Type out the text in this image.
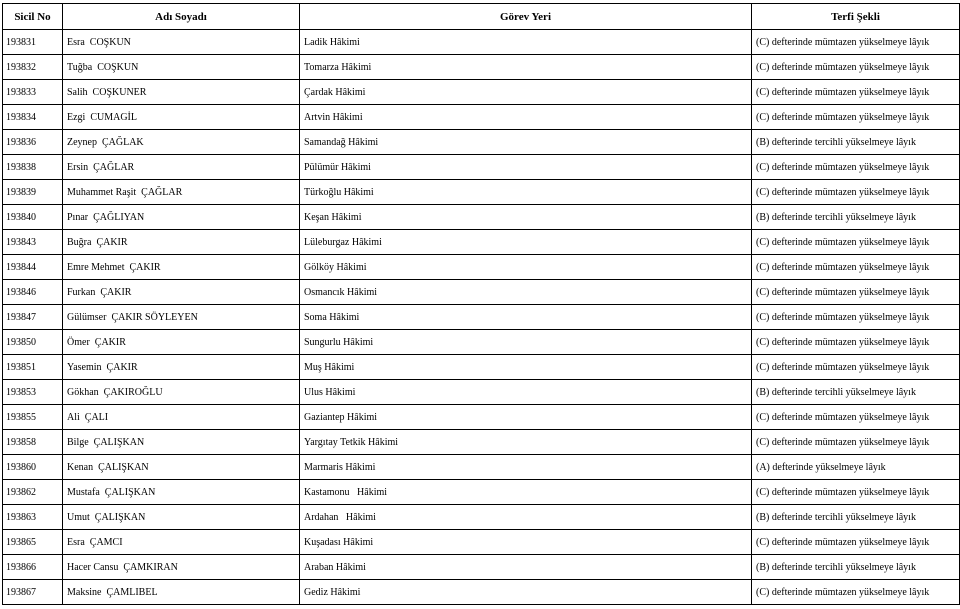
Sicil No	Adı Soyadı	Görev Yeri	Terfi Şekli
193831	Esra  COŞKUN	Ladik Hâkimi	(C) defterinde mümtazen yükselmeye lâyık
193832	Tuğba  COŞKUN	Tomarza Hâkimi	(C) defterinde mümtazen yükselmeye lâyık
193833	Salih  COŞKUNER	Çardak Hâkimi	(C) defterinde mümtazen yükselmeye lâyık
193834	Ezgi  CUMAGİL	Artvin Hâkimi	(C) defterinde mümtazen yükselmeye lâyık
193836	Zeynep  ÇAĞLAK	Samandağ Hâkimi	(B) defterinde tercihli yükselmeye lâyık
193838	Ersin  ÇAĞLAR	Pülümür Hâkimi	(C) defterinde mümtazen yükselmeye lâyık
193839	Muhammet Raşit  ÇAĞLAR	Türkoğlu Hâkimi	(C) defterinde mümtazen yükselmeye lâyık
193840	Pınar  ÇAĞLIYAN	Keşan Hâkimi	(B) defterinde tercihli yükselmeye lâyık
193843	Buğra  ÇAKIR	Lüleburgaz Hâkimi	(C) defterinde mümtazen yükselmeye lâyık
193844	Emre Mehmet  ÇAKIR	Gölköy Hâkimi	(C) defterinde mümtazen yükselmeye lâyık
193846	Furkan  ÇAKIR	Osmancık Hâkimi	(C) defterinde mümtazen yükselmeye lâyık
193847	Gülümser  ÇAKIR SÖYLEYEN	Soma Hâkimi	(C) defterinde mümtazen yükselmeye lâyık
193850	Ömer  ÇAKIR	Sungurlu Hâkimi	(C) defterinde mümtazen yükselmeye lâyık
193851	Yasemin  ÇAKIR	Muş Hâkimi	(C) defterinde mümtazen yükselmeye lâyık
193853	Gökhan  ÇAKIROĞLU	Ulus Hâkimi	(B) defterinde tercihli yükselmeye lâyık
193855	Ali  ÇALI	Gaziantep Hâkimi	(C) defterinde mümtazen yükselmeye lâyık
193858	Bilge  ÇALIŞKAN	Yargıtay Tetkik Hâkimi	(C) defterinde mümtazen yükselmeye lâyık
193860	Kenan  ÇALIŞKAN	Marmaris Hâkimi	(A) defterinde yükselmeye lâyık
193862	Mustafa  ÇALIŞKAN	Kastamonu   Hâkimi	(C) defterinde mümtazen yükselmeye lâyık
193863	Umut  ÇALIŞKAN	Ardahan   Hâkimi	(B) defterinde tercihli yükselmeye lâyık
193865	Esra  ÇAMCI	Kuşadası Hâkimi	(C) defterinde mümtazen yükselmeye lâyık
193866	Hacer Cansu  ÇAMKIRAN	Araban Hâkimi	(B) defterinde tercihli yükselmeye lâyık
193867	Maksine  ÇAMLIBEL	Gediz Hâkimi	(C) defterinde mümtazen yükselmeye lâyık
